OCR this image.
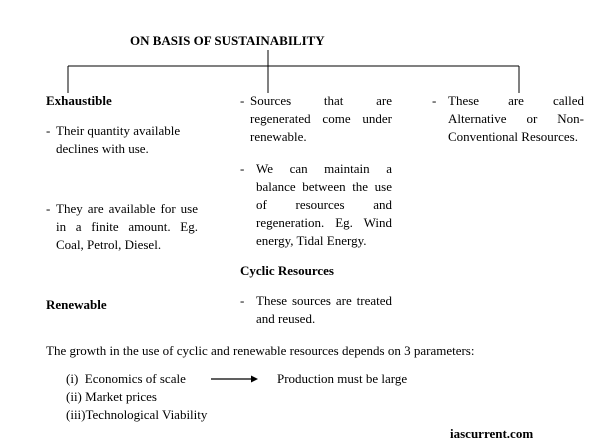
ON BASIS OF SUSTAINABILITY
Exhaustible
- Their quantity available declines with use.
- They are available for use in a finite amount. Eg. Coal, Petrol, Diesel.
Renewable
- Sources that are regenerated come under renewable.
- We can maintain a balance between the use of resources and regeneration. Eg. Wind energy, Tidal Energy.
Cyclic Resources
- These sources are treated and reused.
- These are called Alternative or Non-Conventional Resources.
The growth in the use of cyclic and renewable resources depends on 3 parameters:
(i)  Economics of scale
(ii) Market prices
(iii)Technological Viability
Production must be large
iascurrent.com
